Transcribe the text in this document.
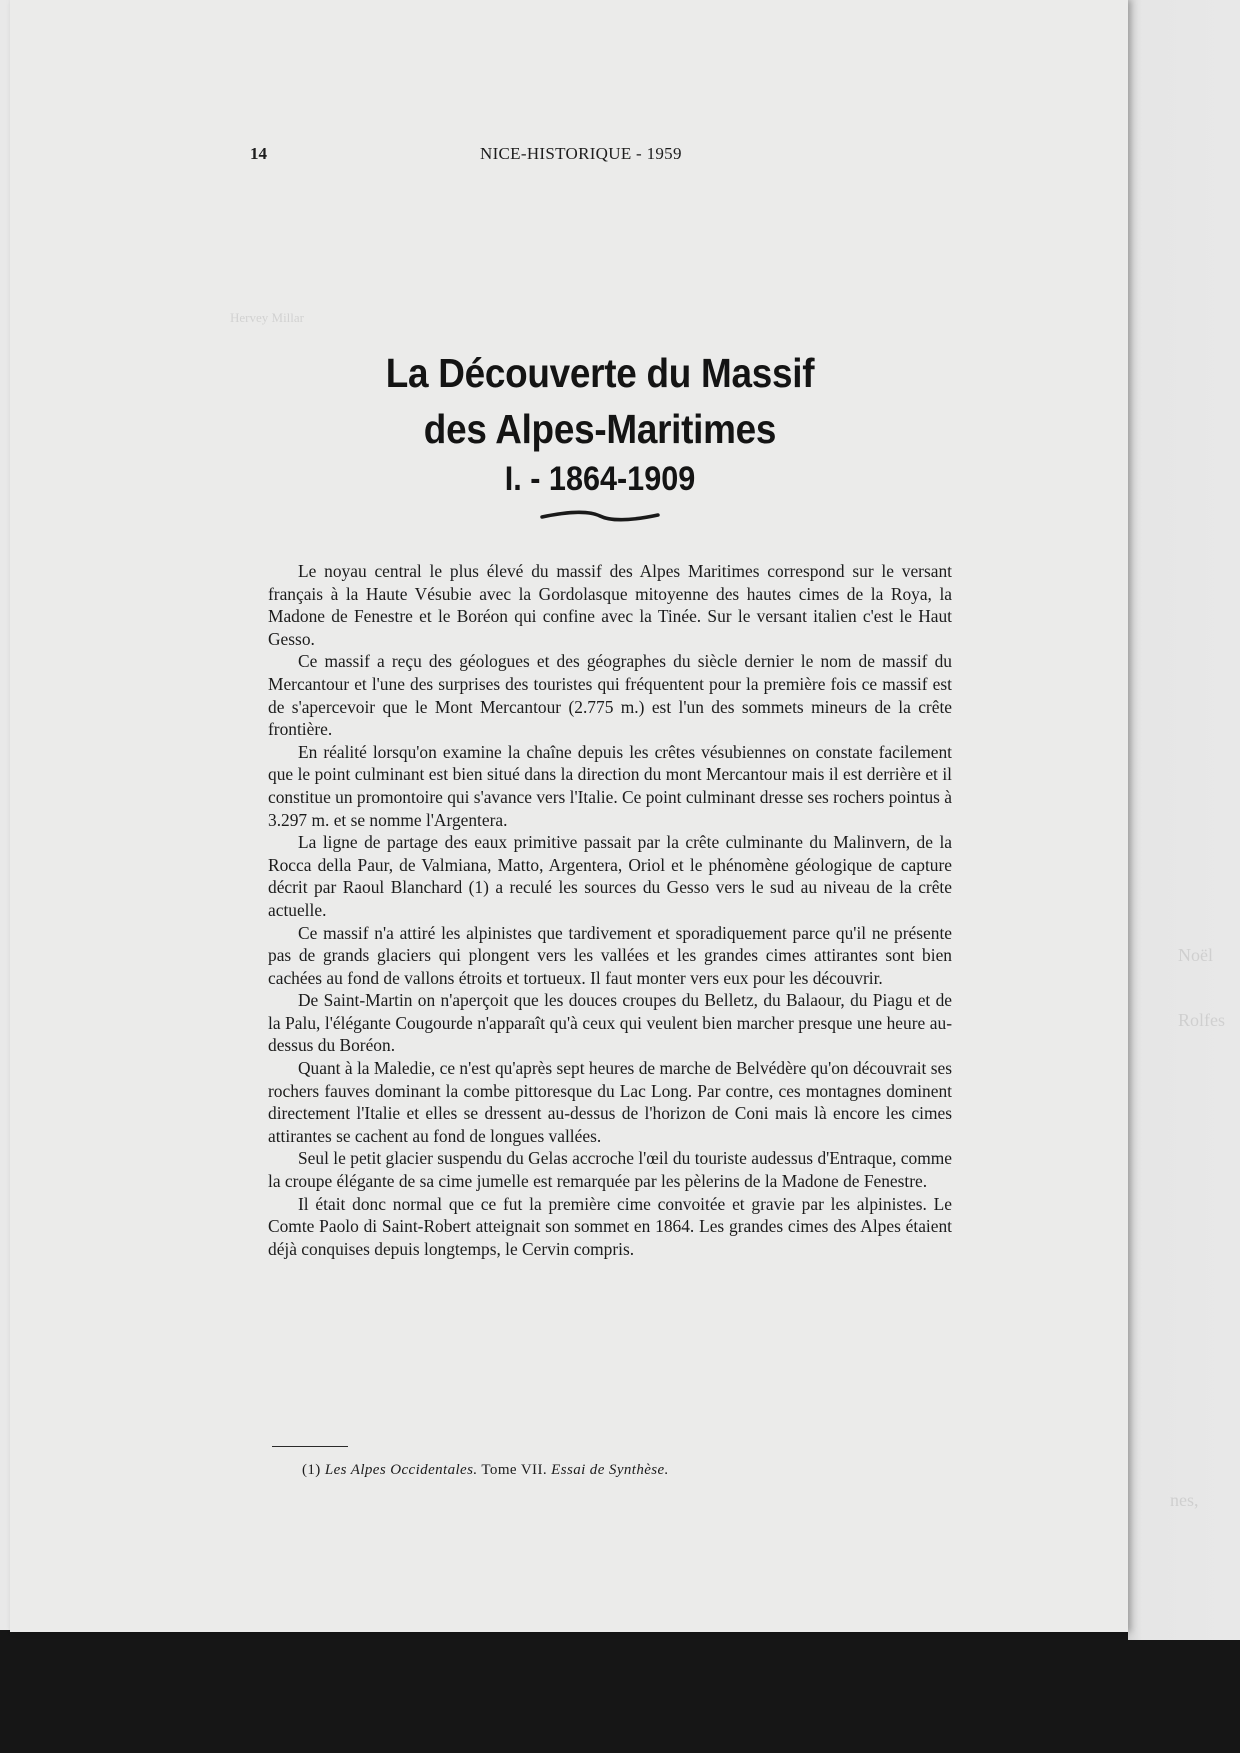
Hervey Millar
Noël
Rolfes
nes,
14	NICE-HISTORIQUE - 1959
La Découverte du Massif
des Alpes-Maritimes
I. - 1864-1909

Le noyau central le plus élevé du massif des Alpes Maritimes correspond sur le versant français à la Haute Vésubie avec la Gordolasque mitoyenne des hautes cimes de la Roya, la Madone de Fenestre et le Boréon qui confine avec la Tinée. Sur le versant italien c'est le Haut Gesso.

Ce massif a reçu des géologues et des géographes du siècle dernier le nom de massif du Mercantour et l'une des surprises des touristes qui fréquentent pour la première fois ce massif est de s'apercevoir que le Mont Mercantour (2.775 m.) est l'un des sommets mineurs de la crête frontière.

En réalité lorsqu'on examine la chaîne depuis les crêtes vésubiennes on constate facilement que le point culminant est bien situé dans la direction du mont Mercantour mais il est derrière et il constitue un promontoire qui s'avance vers l'Italie. Ce point culminant dresse ses rochers pointus à 3.297 m. et se nomme l'Argentera.

La ligne de partage des eaux primitive passait par la crête culminante du Malinvern, de la Rocca della Paur, de Valmiana, Matto, Argentera, Oriol et le phénomène géologique de capture décrit par Raoul Blanchard (1) a reculé les sources du Gesso vers le sud au niveau de la crête actuelle.

Ce massif n'a attiré les alpinistes que tardivement et sporadiquement parce qu'il ne présente pas de grands glaciers qui plongent vers les vallées et les grandes cimes attirantes sont bien cachées au fond de vallons étroits et tortueux. Il faut monter vers eux pour les découvrir.

De Saint-Martin on n'aperçoit que les douces croupes du Belletz, du Balaour, du Piagu et de la Palu, l'élégante Cougourde n'apparaît qu'à ceux qui veulent bien marcher presque une heure au-dessus du Boréon.

Quant à la Maledie, ce n'est qu'après sept heures de marche de Belvédère qu'on découvrait ses rochers fauves dominant la combe pittoresque du Lac Long. Par contre, ces montagnes dominent directement l'Italie et elles se dressent au-dessus de l'horizon de Coni mais là encore les cimes attirantes se cachent au fond de longues vallées.

Seul le petit glacier suspendu du Gelas accroche l'œil du touriste audessus d'Entraque, comme la croupe élégante de sa cime jumelle est remarquée par les pèlerins de la Madone de Fenestre.

Il était donc normal que ce fut la première cime convoitée et gravie par les alpinistes. Le Comte Paolo di Saint-Robert atteignait son sommet en 1864. Les grandes cimes des Alpes étaient déjà conquises depuis longtemps, le Cervin compris.

(1) Les Alpes Occidentales. Tome VII. Essai de Synthèse.
